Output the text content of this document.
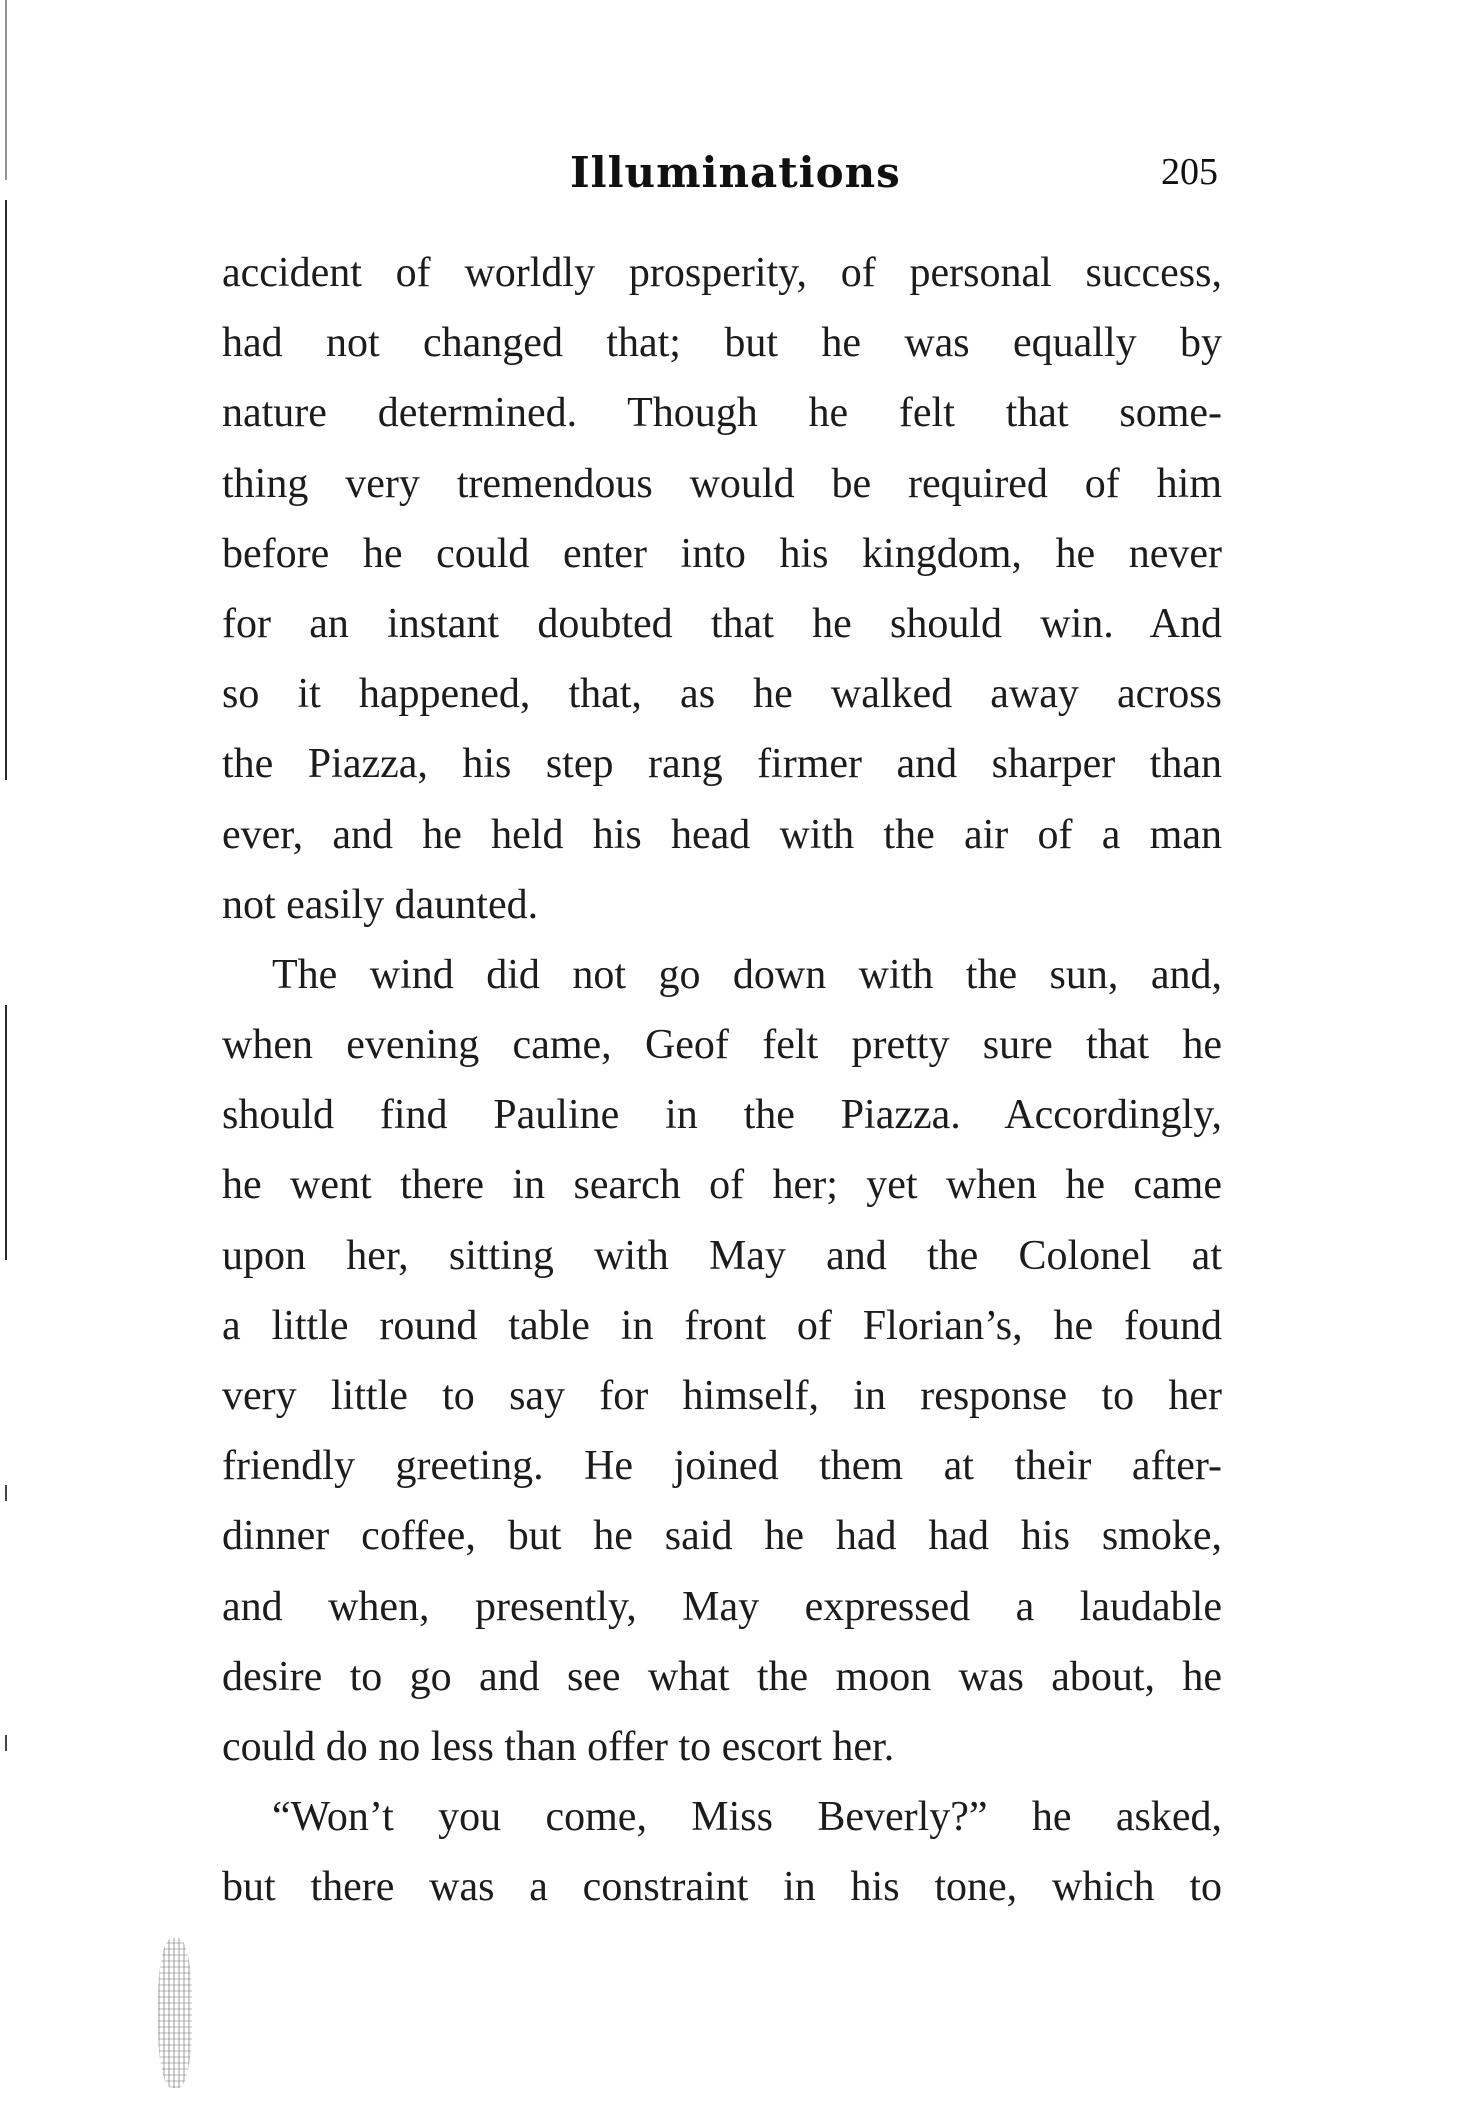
Illuminations	205
accident of worldly prosperity, of personal success,
had not changed that; but he was equally by
nature determined. Though he felt that some-
thing very tremendous would be required of him
before he could enter into his kingdom, he never
for an instant doubted that he should win. And
so it happened, that, as he walked away across
the Piazza, his step rang firmer and sharper than
ever, and he held his head with the air of a man
not easily daunted.
The wind did not go down with the sun, and,
when evening came, Geof felt pretty sure that he
should find Pauline in the Piazza. Accordingly,
he went there in search of her; yet when he came
upon her, sitting with May and the Colonel at
a little round table in front of Florian’s, he found
very little to say for himself, in response to her
friendly greeting. He joined them at their after-
dinner coffee, but he said he had had his smoke,
and when, presently, May expressed a laudable
desire to go and see what the moon was about, he
could do no less than offer to escort her.
“Won’t you come, Miss Beverly?” he asked,
but there was a constraint in his tone, which to
